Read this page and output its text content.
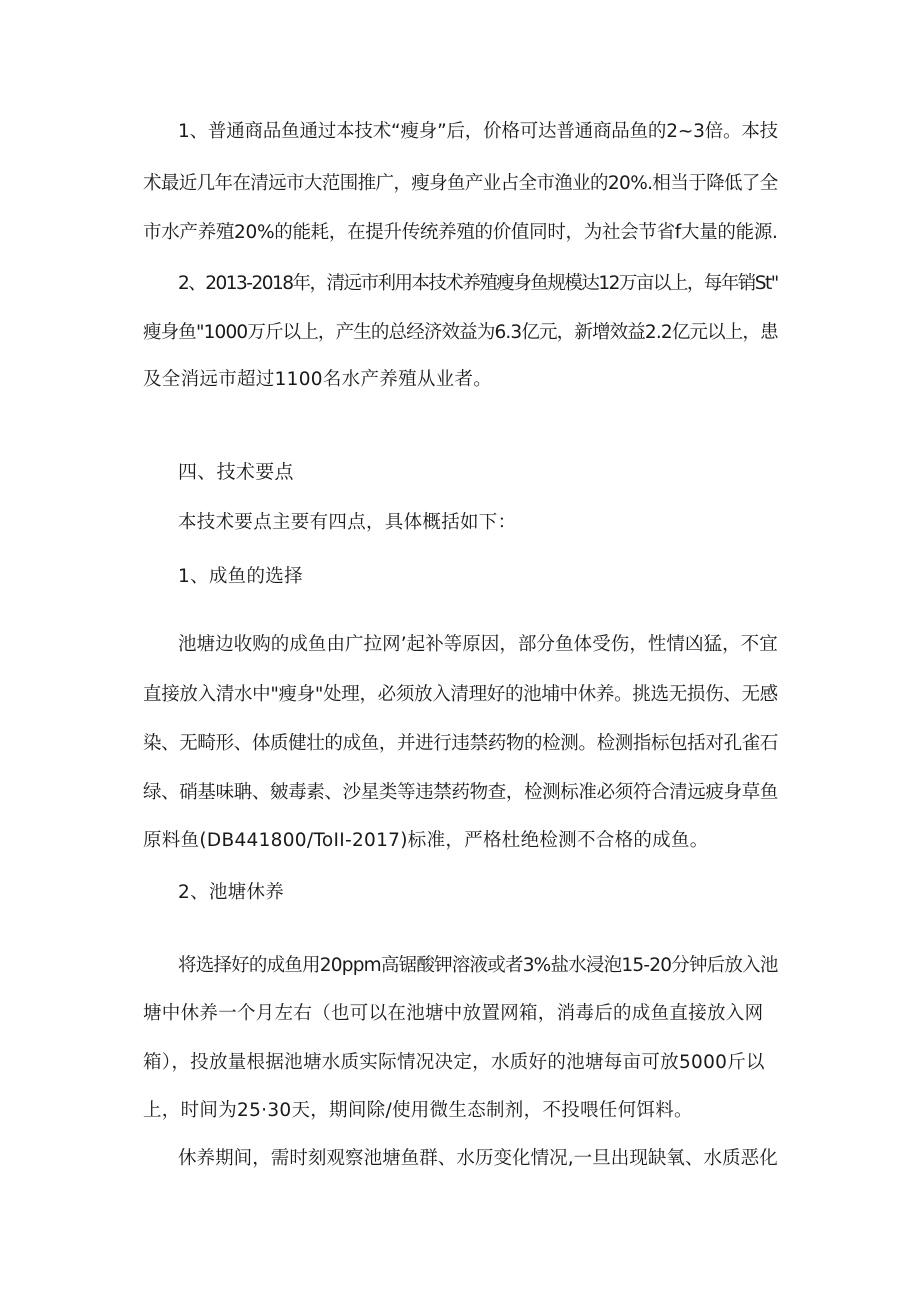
1、普通商品鱼通过本技术“瘦身”后，价格可达普通商品鱼的2~3倍。本技
术最近几年在清远市大范围推广，瘦身鱼产业占全市渔业的20%.相当于降低了全
市水产养殖20%的能耗，在提升传统养殖的价值同时，为社会节省f大量的能源.
2、2013-2018年，清远市利用本技术养殖瘦身鱼规模达12万亩以上，每年销St"
瘦身鱼"1000万斤以上，产生的总经济效益为6.3亿元，新增效益2.2亿元以上，患
及全消远市超过1100名水产养殖从业者。
四、技术要点
本技术要点主要有四点，具体概括如下：
1、成鱼的选择
池塘边收购的成鱼由广拉网’起补等原因，部分鱼体受伤，性情凶猛，不宜
直接放入清水中"瘦身"处理，必须放入清理好的池埔中休养。挑选无损伤、无感
染、无畸形、体质健壮的成鱼，并进行违禁药物的检测。检测指标包括对孔雀石
绿、硝基味聃、皴毒素、沙星类等违禁药物查，检测标准必须符合清远疲身草鱼
原料鱼(DB441800/ToII-2017)标准，严格杜绝检测不合格的成鱼。
2、池塘休养
将选择好的成鱼用20ppm高锯酸钾溶液或者3%盐水浸泡15-20分钟后放入池
塘中休养一个月左右（也可以在池塘中放置网箱，消毒后的成鱼直接放入网
箱），投放量根据池塘水质实际情况决定，水质好的池塘每亩可放5000斤以
上，时间为25·30天，期间除/使用微生态制剂，不投喂任何饵料。
休养期间，需时刻观察池塘鱼群、水历变化情况,一旦出现缺氧、水质恶化
